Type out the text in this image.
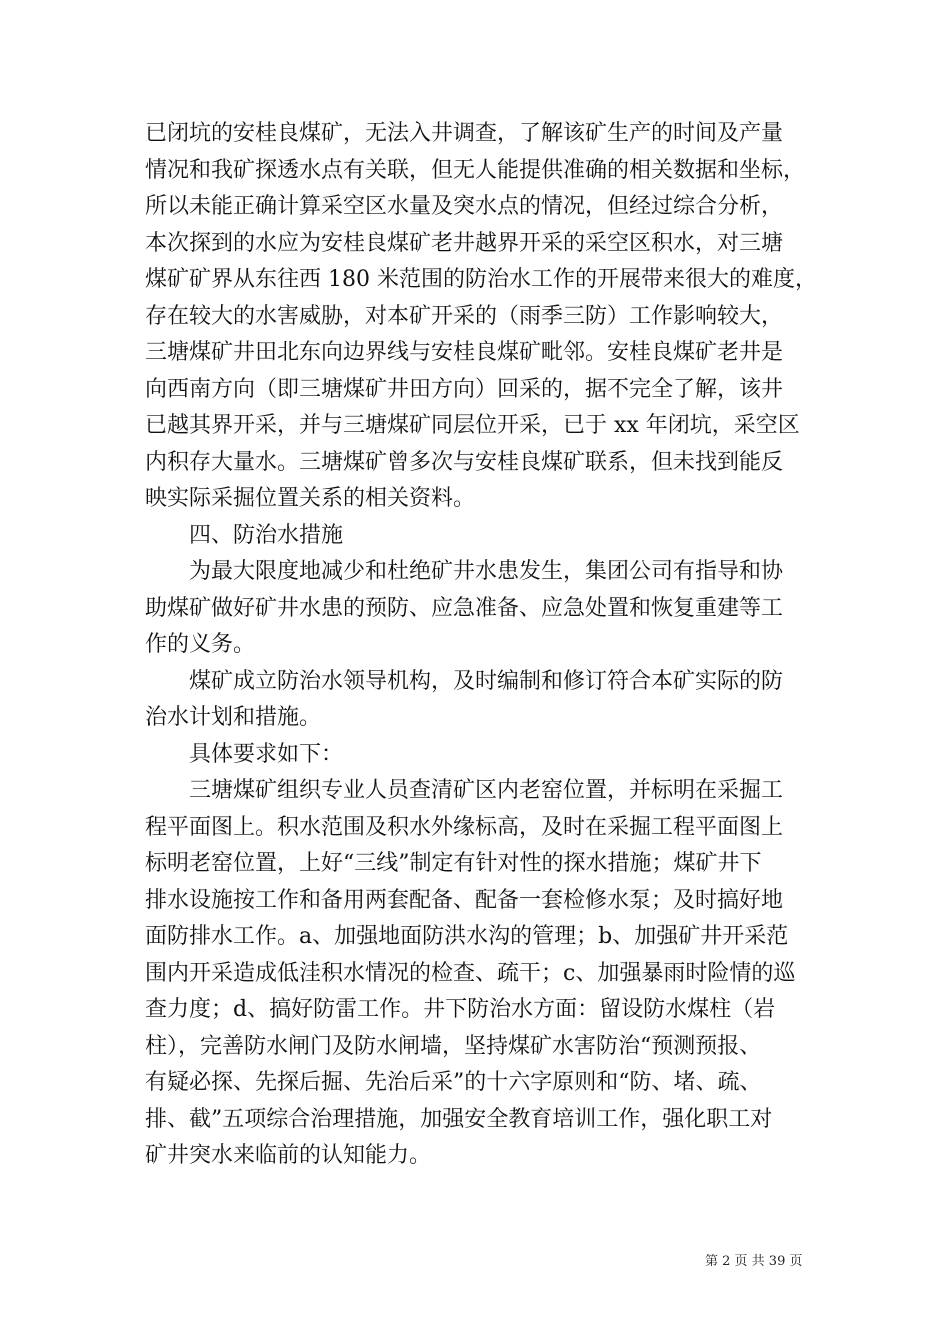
已闭坑的安桂良煤矿，无法入井调查，了解该矿生产的时间及产量
情况和我矿探透水点有关联，但无人能提供准确的相关数据和坐标，
所以未能正确计算采空区水量及突水点的情况，但经过综合分析，
本次探到的水应为安桂良煤矿老井越界开采的采空区积水，对三塘
煤矿矿界从东往西 180 米范围的防治水工作的开展带来很大的难度，
存在较大的水害威胁，对本矿开采的（雨季三防）工作影响较大，
三塘煤矿井田北东向边界线与安桂良煤矿毗邻。安桂良煤矿老井是
向西南方向（即三塘煤矿井田方向）回采的，据不完全了解，该井
已越其界开采，并与三塘煤矿同层位开采，已于 xx 年闭坑，采空区
内积存大量水。三塘煤矿曾多次与安桂良煤矿联系，但未找到能反
映实际采掘位置关系的相关资料。
四、防治水措施
为最大限度地减少和杜绝矿井水患发生，集团公司有指导和协
助煤矿做好矿井水患的预防、应急准备、应急处置和恢复重建等工
作的义务。
煤矿成立防治水领导机构，及时编制和修订符合本矿实际的防
治水计划和措施。
具体要求如下：
三塘煤矿组织专业人员查清矿区内老窑位置，并标明在采掘工
程平面图上。积水范围及积水外缘标高，及时在采掘工程平面图上
标明老窑位置，上好“三线”制定有针对性的探水措施；煤矿井下
排水设施按工作和备用两套配备、配备一套检修水泵；及时搞好地
面防排水工作。a、加强地面防洪水沟的管理；b、加强矿井开采范
围内开采造成低洼积水情况的检查、疏干；c、加强暴雨时险情的巡
查力度；d、搞好防雷工作。井下防治水方面：留设防水煤柱（岩
柱），完善防水闸门及防水闸墙，坚持煤矿水害防治“预测预报、
有疑必探、先探后掘、先治后采”的十六字原则和“防、堵、疏、
排、截”五项综合治理措施，加强安全教育培训工作，强化职工对
矿井突水来临前的认知能力。
第 2 页 共 39 页
